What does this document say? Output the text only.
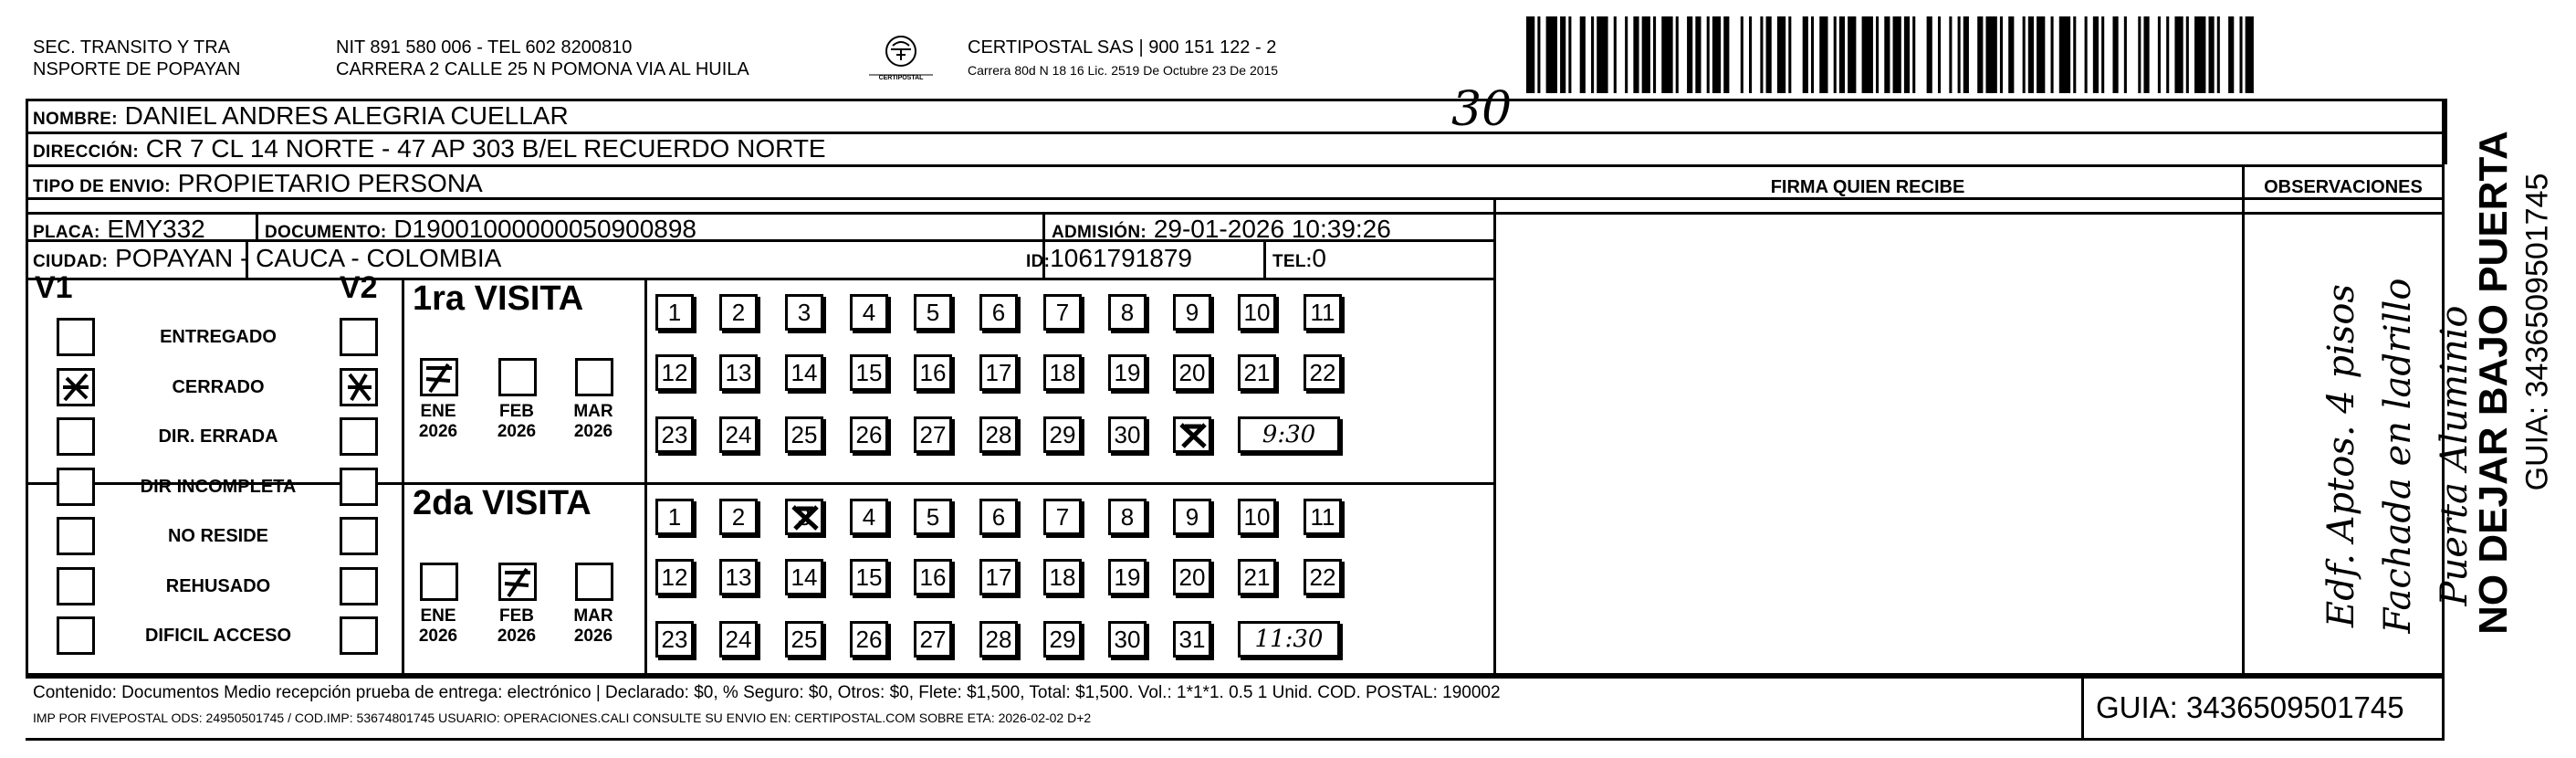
SEC. TRANSITO Y TRA
NSPORTE DE POPAYAN
NIT 891 580 006 - TEL 602 8200810
CARRERA 2 CALLE 25 N POMONA VIA AL HUILA	CERTIPOSTAL
CERTIPOSTAL SAS | 900 151 122 - 2
Carrera 80d N 18 16 Lic. 2519 De Octubre 23 De 2015
NOMBRE: DANIEL ANDRES ALEGRIA CUELLAR	30
DIRECCIÓN: CR 7 CL 14 NORTE - 47 AP 303 B/EL RECUERDO NORTE
TIPO DE ENVIO: PROPIETARIO PERSONA
PLACA: EMY332	DOCUMENTO: D19001000000050900898	ADMISIÓN: 29-01-2026 10:39:26
CIUDAD: POPAYAN - CAUCA - COLOMBIA	ID:1061791879	TEL:0
FIRMA QUIEN RECIBE	OBSERVACIONES
V1	V2
ENTREGADO
CERRADO
DIR. ERRADA
DIR INCOMPLETA
NO RESIDE
REHUSADO
DIFICIL ACCESO
1ra VISITA
ENE
2026
FEB
2026
MAR
2026
1	2	3	4	5	6	7	8	9	10 11
12 13 14 15 16 17 18 19 20 21 22
23 24 25 26 27 28 29 30	9:30
2da VISITA
ENE
2026
FEB
2026
MAR
2026
1	2	3	4	5	6	7	8	9	10 11
12 13 14 15 16 17 18 19 20 21 22
23 24 25 26 27 28 29 30 31	11:30
Edf. Aptos. 4 pisos Fachada en ladrillo Puerta Aluminio
NO DEJAR BAJO PUERTA GUIA: 3436509501745
Contenido: Documentos Medio recepción prueba de entrega: electrónico | Declarado: $0, % Seguro: $0, Otros: $0, Flete: $1,500, Total: $1,500. Vol.: 1*1*1. 0.5 1 Unid. COD. POSTAL: 190002
IMP POR FIVEPOSTAL ODS: 24950501745 / COD.IMP: 53674801745 USUARIO: OPERACIONES.CALI CONSULTE SU ENVIO EN: CERTIPOSTAL.COM SOBRE ETA: 2026-02-02 D+2	GUIA: 3436509501745
